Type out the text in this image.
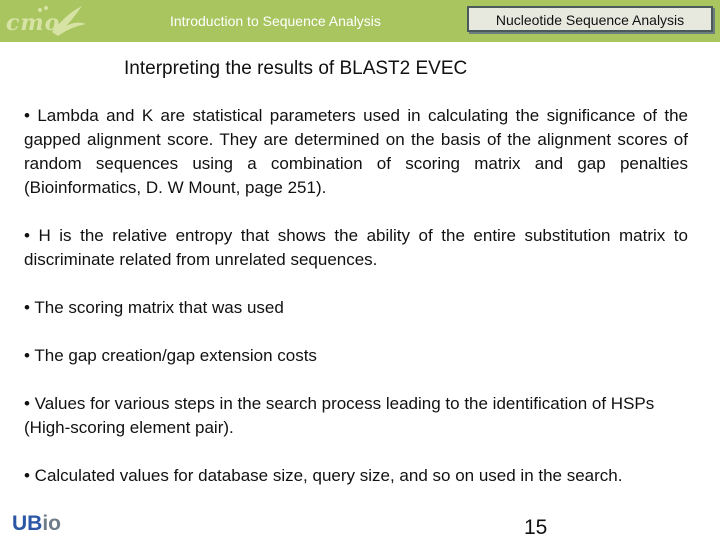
cmo	Introduction to Sequence Analysis	Nucleotide Sequence Analysis
Interpreting the results of BLAST2 EVEC

• Lambda and K are statistical parameters used in calculating the significance of the gapped alignment score. They are determined on the basis of the alignment scores of random sequences using a combination of scoring matrix and gap penalties (Bioinformatics, D. W Mount, page 251).

• H is the relative entropy that shows the ability of the entire substitution matrix to discriminate related from unrelated sequences.

• The scoring matrix that was used

• The gap creation/gap extension costs

• Values for various steps in the search process leading to the identification of HSPs (High-scoring element pair).

• Calculated values for database size, query size, and so on used in the search.

UBio	15
